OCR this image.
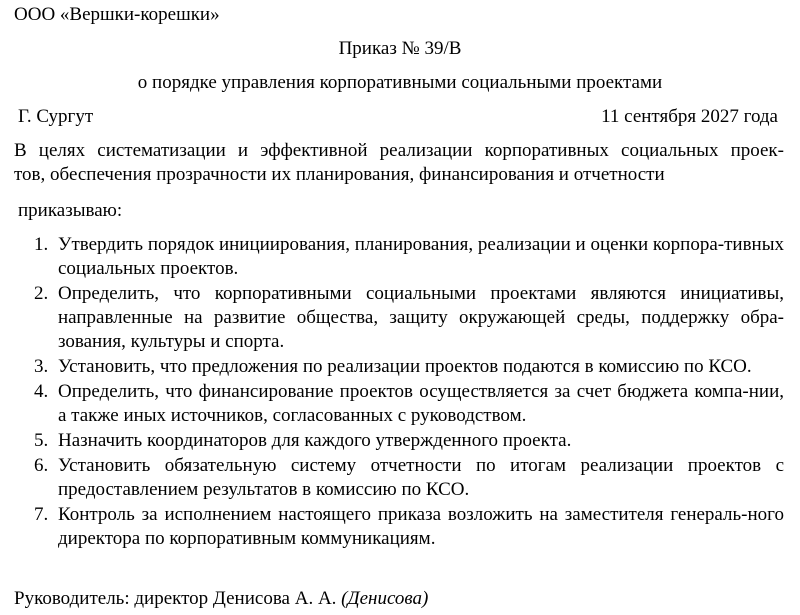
ООО «Вершки-корешки»
Приказ № 39/В
о порядке управления корпоративными социальными проектами
Г. Сургут	11 сентября 2027 года
В целях систематизации и эффективной реализации корпоративных социальных проек-
тов, обеспечения прозрачности их планирования, финансирования и отчетности
приказываю:
1. Утвердить порядок инициирования, планирования, реализации и оценки корпора-тивных социальных проектов.
2. Определить, что корпоративными социальными проектами являются инициативы, направленные на развитие общества, защиту окружающей среды, поддержку обра-зования, культуры и спорта.
3. Установить, что предложения по реализации проектов подаются в комиссию по КСО.
4. Определить, что финансирование проектов осуществляется за счет бюджета компа-нии, а также иных источников, согласованных с руководством.
5. Назначить координаторов для каждого утвержденного проекта.
6. Установить обязательную систему отчетности по итогам реализации проектов с предоставлением результатов в комиссию по КСО.
7. Контроль за исполнением настоящего приказа возложить на заместителя генераль-ного директора по корпоративным коммуникациям.
Руководитель: директор Денисова А. А. (Денисова)
